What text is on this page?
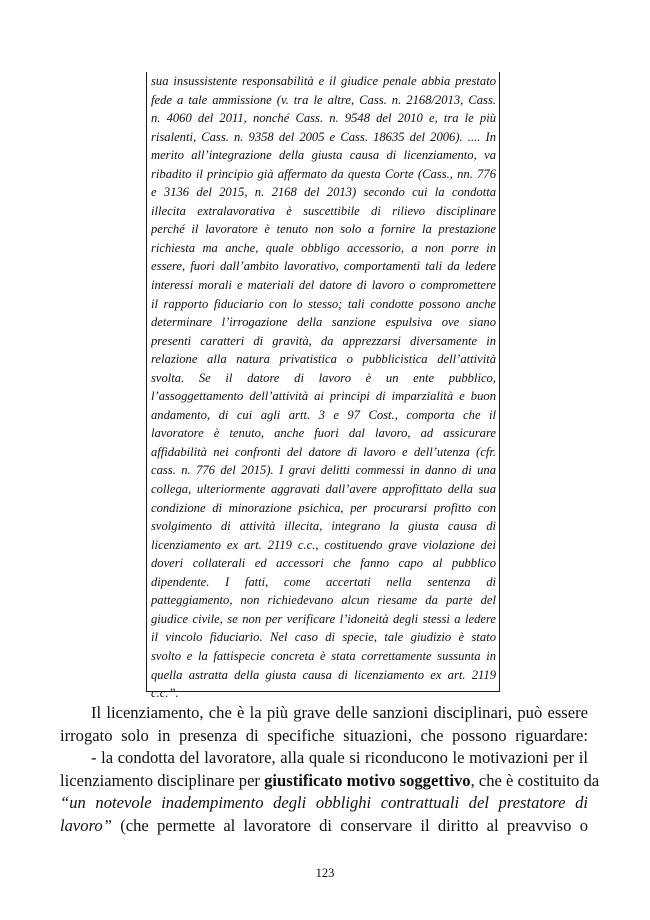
sua insussistente responsabilità e il giudice penale abbia prestato
fede a tale ammissione (v. tra le altre, Cass. n. 2168/2013, Cass.
n. 4060 del 2011, nonché Cass. n. 9548 del 2010 e, tra le più
risalenti, Cass. n. 9358 del 2005 e Cass. 18635 del 2006). .... In
merito all’integrazione della giusta causa di licenziamento, va
ribadito il principio già affermato da questa Corte (Cass., nn. 776
e 3136 del 2015, n. 2168 del 2013) secondo cui la condotta
illecita extralavorativa è suscettibile di rilievo disciplinare
perché il lavoratore è tenuto non solo a fornire la prestazione
richiesta ma anche, quale obbligo accessorio, a non porre in
essere, fuori dall’ambito lavorativo, comportamenti tali da ledere
interessi morali e materiali del datore di lavoro o compromettere
il rapporto fiduciario con lo stesso; tali condotte possono anche
determinare l’irrogazione della sanzione espulsiva ove siano
presenti caratteri di gravità, da apprezzarsi diversamente in
relazione alla natura privatistica o pubblicistica dell’attività
svolta. Se il datore di lavoro è un ente pubblico,
l’assoggettamento dell’attività ai principi di imparzialità e buon
andamento, di cui agli artt. 3 e 97 Cost., comporta che il
lavoratore è tenuto, anche fuori dal lavoro, ad assicurare
affidabilità nei confronti del datore di lavoro e dell’utenza (cfr.
cass. n. 776 del 2015). I gravi delitti commessi in danno di una
collega, ulteriormente aggravati dall’avere approfittato della sua
condizione di minorazione psichica, per procurarsi profitto con
svolgimento di attività illecita, integrano la giusta causa di
licenziamento ex art. 2119 c.c., costituendo grave violazione dei
doveri collaterali ed accessori che fanno capo al pubblico
dipendente. I fatti, come accertati nella sentenza di
patteggiamento, non richiedevano alcun riesame da parte del
giudice civile, se non per verificare l’idoneità degli stessi a ledere
il vincolo fiduciario. Nel caso di specie, tale giudizio è stato
svolto e la fattispecie concreta è stata correttamente sussunta in
quella astratta della giusta causa di licenziamento ex art. 2119
c.c.”.
Il licenziamento, che è la più grave delle sanzioni disciplinari, può essere
irrogato solo in presenza di specifiche situazioni, che possono riguardare:
- la condotta del lavoratore, alla quale si riconducono le motivazioni per il
licenziamento disciplinare per giustificato motivo soggettivo, che è costituito da
“un notevole inadempimento degli obblighi contrattuali del prestatore di
lavoro” (che permette al lavoratore di conservare il diritto al preavviso o
123
